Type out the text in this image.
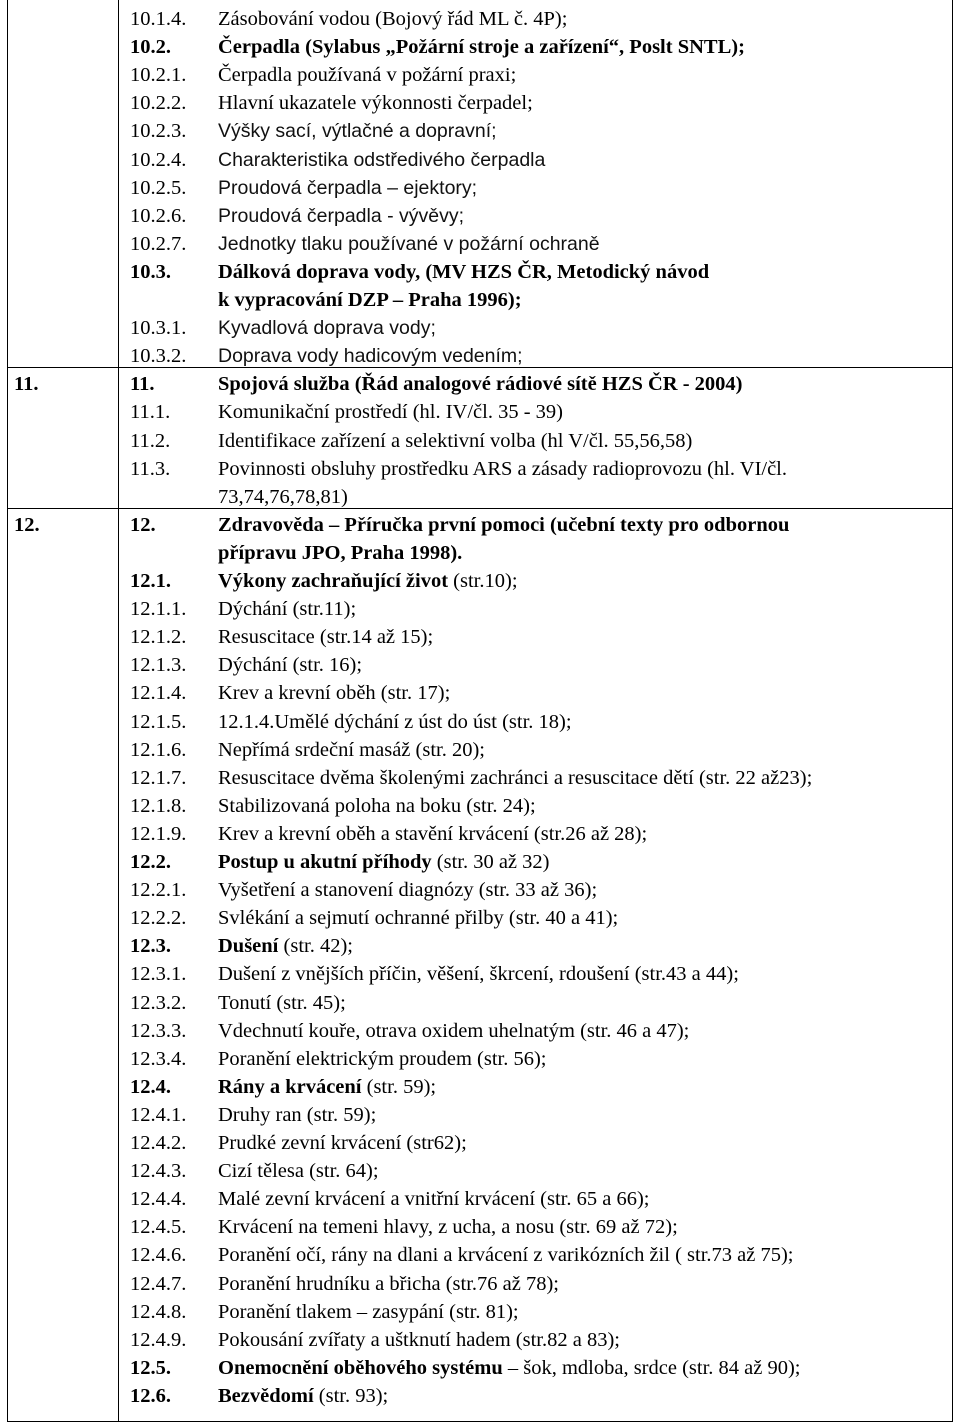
10.1.4. Zásobování vodou (Bojový řád ML č. 4P);
10.2. Čerpadla (Sylabus „Požární stroje a zařízení“, Poslt SNTL);
10.2.1. Čerpadla používaná v požární praxi;
10.2.2. Hlavní ukazatele výkonnosti čerpadel;
10.2.3. Výšky sací, výtlačné a dopravní;
10.2.4. Charakteristika odstředivého čerpadla
10.2.5. Proudová čerpadla – ejektory;
10.2.6. Proudová čerpadla - vývěvy;
10.2.7. Jednotky tlaku používané v požární ochraně
10.3. Dálková doprava vody, (MV HZS ČR, Metodický návod
k vypracování DZP – Praha 1996);
10.3.1. Kyvadlová doprava vody;
10.3.2. Doprava vody hadicovým vedením;
11.	11.	Spojová služba (Řád analogové rádiové sítě HZS ČR - 2004)
11.1. Komunikační prostředí (hl. IV/čl. 35 - 39)
11.2. Identifikace zařízení a selektivní volba (hl V/čl. 55,56,58)
11.3. Povinnosti obsluhy prostředku ARS a zásady radioprovozu (hl. VI/čl.
73,74,76,78,81)
12.	12.	Zdravověda – Příručka první pomoci (učební texty pro odbornou
přípravu JPO, Praha 1998).
12.1. Výkony zachraňující život (str.10);
12.1.1. Dýchání (str.11);
12.1.2. Resuscitace (str.14 až 15);
12.1.3. Dýchání (str. 16);
12.1.4. Krev a krevní oběh (str. 17);
12.1.5. 12.1.4.Umělé dýchání z úst do úst (str. 18);
12.1.6. Nepřímá srdeční masáž (str. 20);
12.1.7. Resuscitace dvěma školenými zachránci a resuscitace dětí (str. 22 až23);
12.1.8. Stabilizovaná poloha na boku (str. 24);
12.1.9. Krev a krevní oběh a stavění krvácení (str.26 až 28);
12.2. Postup u akutní příhody (str. 30 až 32)
12.2.1. Vyšetření a stanovení diagnózy (str. 33 až 36);
12.2.2. Svlékání a sejmutí ochranné přilby (str. 40 a 41);
12.3. Dušení (str. 42);
12.3.1. Dušení z vnějších příčin, věšení, škrcení, rdoušení (str.43 a 44);
12.3.2. Tonutí (str. 45);
12.3.3. Vdechnutí kouře, otrava oxidem uhelnatým (str. 46 a 47);
12.3.4. Poranění elektrickým proudem (str. 56);
12.4. Rány a krvácení (str. 59);
12.4.1. Druhy ran (str. 59);
12.4.2. Prudké zevní krvácení (str62);
12.4.3. Cizí tělesa (str. 64);
12.4.4. Malé zevní krvácení a vnitřní krvácení (str. 65 a 66);
12.4.5. Krvácení na temeni hlavy, z ucha, a nosu (str. 69 až 72);
12.4.6. Poranění očí, rány na dlani a krvácení z varikózních žil ( str.73 až 75);
12.4.7. Poranění hrudníku a břicha (str.76 až 78);
12.4.8. Poranění tlakem – zasypání (str. 81);
12.4.9. Pokousání zvířaty a uštknutí hadem (str.82 a 83);
12.5. Onemocnění oběhového systému – šok, mdloba, srdce (str. 84 až 90);
12.6. Bezvědomí (str. 93);
